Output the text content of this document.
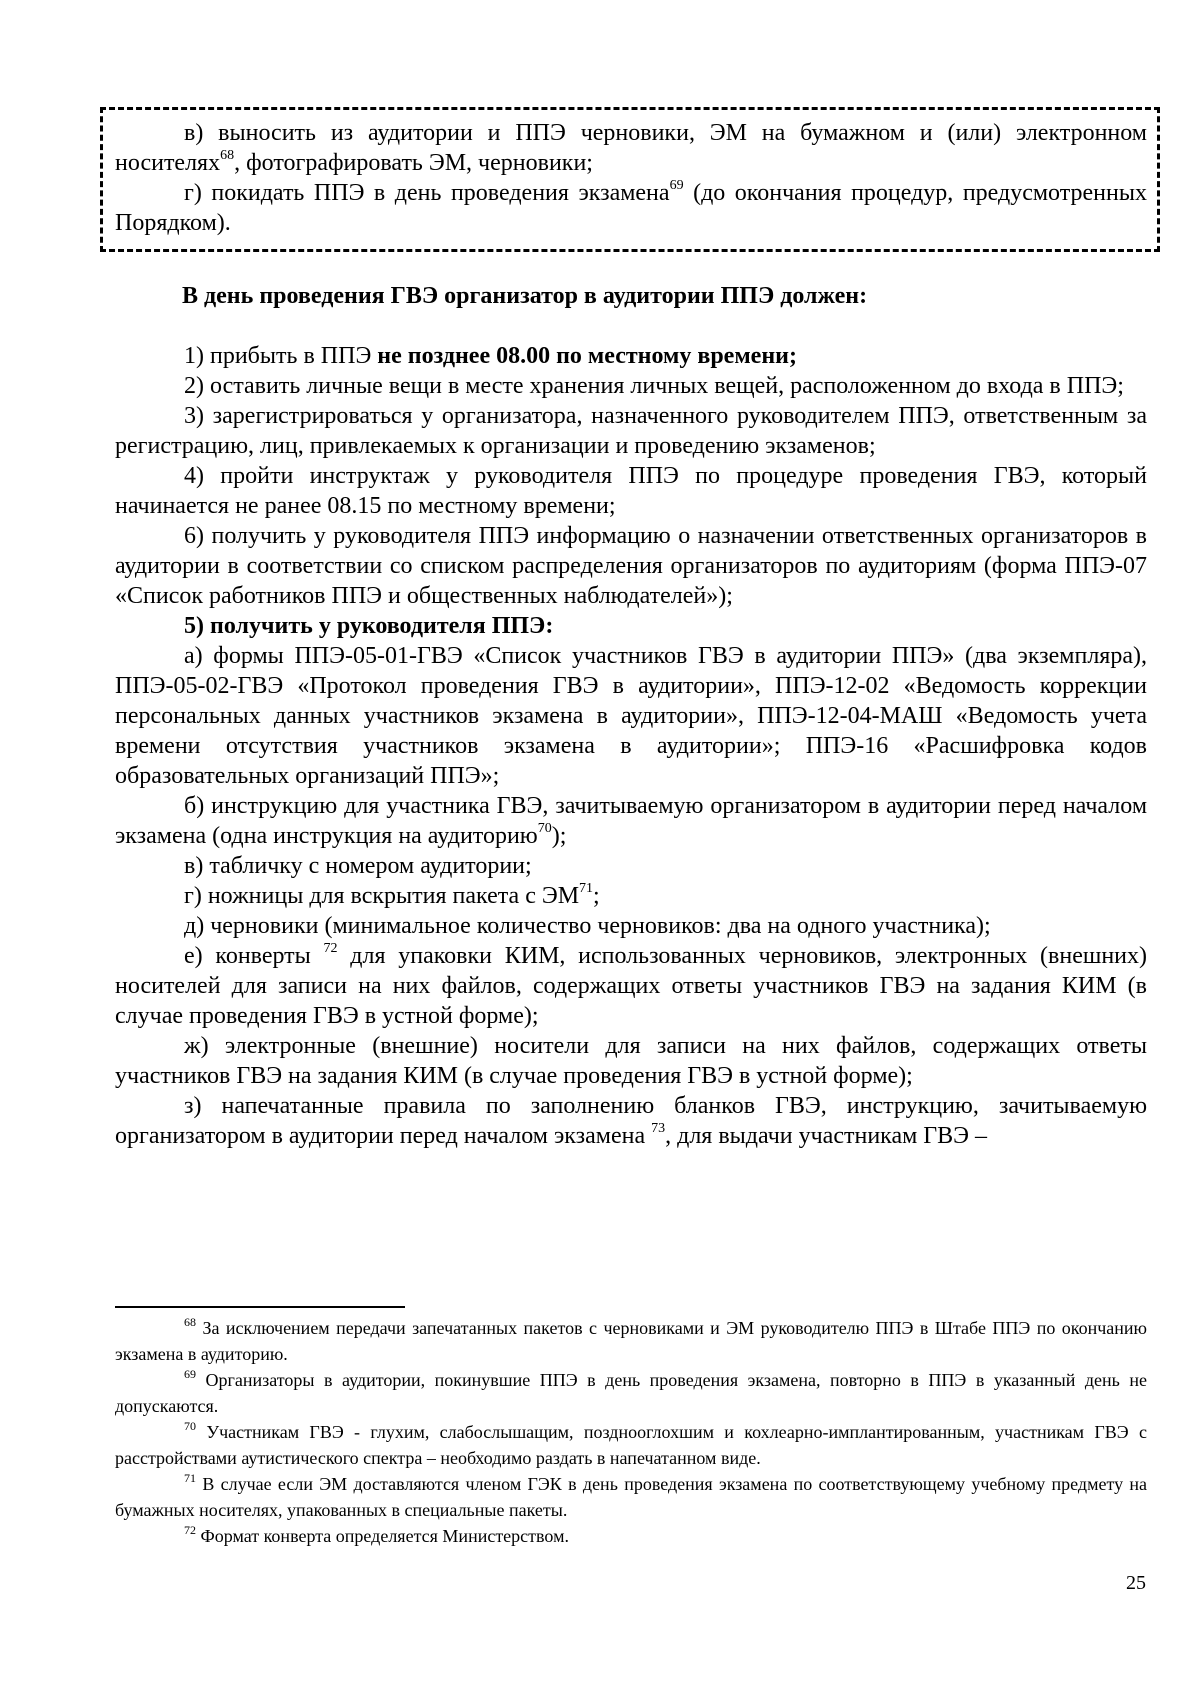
в) выносить из аудитории и ППЭ черновики, ЭМ на бумажном и (или) электронном носителях$^{68}$, фотографировать ЭМ, черновики;

г) покидать ППЭ в день проведения экзамена$^{69}$ (до окончания процедур, предусмотренных Порядком).

В день проведения ГВЭ организатор в аудитории ППЭ должен:

1) прибыть в ППЭ не позднее 08.00 по местному времени;

2) оставить личные вещи в месте хранения личных вещей, расположенном до входа в ППЭ;

3) зарегистрироваться у организатора, назначенного руководителем ППЭ, ответственным за регистрацию, лиц, привлекаемых к организации и проведению экзаменов;

4) пройти инструктаж у руководителя ППЭ по процедуре проведения ГВЭ, который начинается не ранее 08.15 по местному времени;

6) получить у руководителя ППЭ информацию о назначении ответственных организаторов в аудитории в соответствии со списком распределения организаторов по аудиториям (форма ППЭ-07 «Список работников ППЭ и общественных наблюдателей»);

5) получить у руководителя ППЭ:

а) формы ППЭ-05-01-ГВЭ «Список участников ГВЭ в аудитории ППЭ» (два экземпляра), ППЭ-05-02-ГВЭ «Протокол проведения ГВЭ в аудитории», ППЭ-12-02 «Ведомость коррекции персональных данных участников экзамена в аудитории», ППЭ-12-04-МАШ «Ведомость учета времени отсутствия участников экзамена в аудитории»; ППЭ-16 «Расшифровка кодов образовательных организаций ППЭ»;

б) инструкцию для участника ГВЭ, зачитываемую организатором в аудитории перед началом экзамена (одна инструкция на аудиторию$^{70}$);

в) табличку с номером аудитории;

г) ножницы для вскрытия пакета с ЭМ$^{71}$;

д) черновики (минимальное количество черновиков: два на одного участника);

е) конверты $^{72}$ для упаковки КИМ, использованных черновиков, электронных (внешних) носителей для записи на них файлов, содержащих ответы участников ГВЭ на задания КИМ (в случае проведения ГВЭ в устной форме);

ж) электронные (внешние) носители для записи на них файлов, содержащих ответы участников ГВЭ на задания КИМ (в случае проведения ГВЭ в устной форме);

з) напечатанные правила по заполнению бланков ГВЭ, инструкцию, зачитываемую организатором в аудитории перед началом экзамена $^{73}$, для выдачи участникам ГВЭ –

$^{68}$ За исключением передачи запечатанных пакетов с черновиками и ЭМ руководителю ППЭ в Штабе ППЭ по окончанию экзамена в аудиторию.

$^{69}$ Организаторы в аудитории, покинувшие ППЭ в день проведения экзамена, повторно в ППЭ в указанный день не допускаются.

$^{70}$ Участникам ГВЭ - глухим, слабослышащим, позднооглохшим и кохлеарно-имплантированным, участникам ГВЭ с расстройствами аутистического спектра – необходимо раздать в напечатанном виде.

$^{71}$ В случае если ЭМ доставляются членом ГЭК в день проведения экзамена по соответствующему учебному предмету на бумажных носителях, упакованных в специальные пакеты.

$^{72}$ Формат конверта определяется Министерством.

25
